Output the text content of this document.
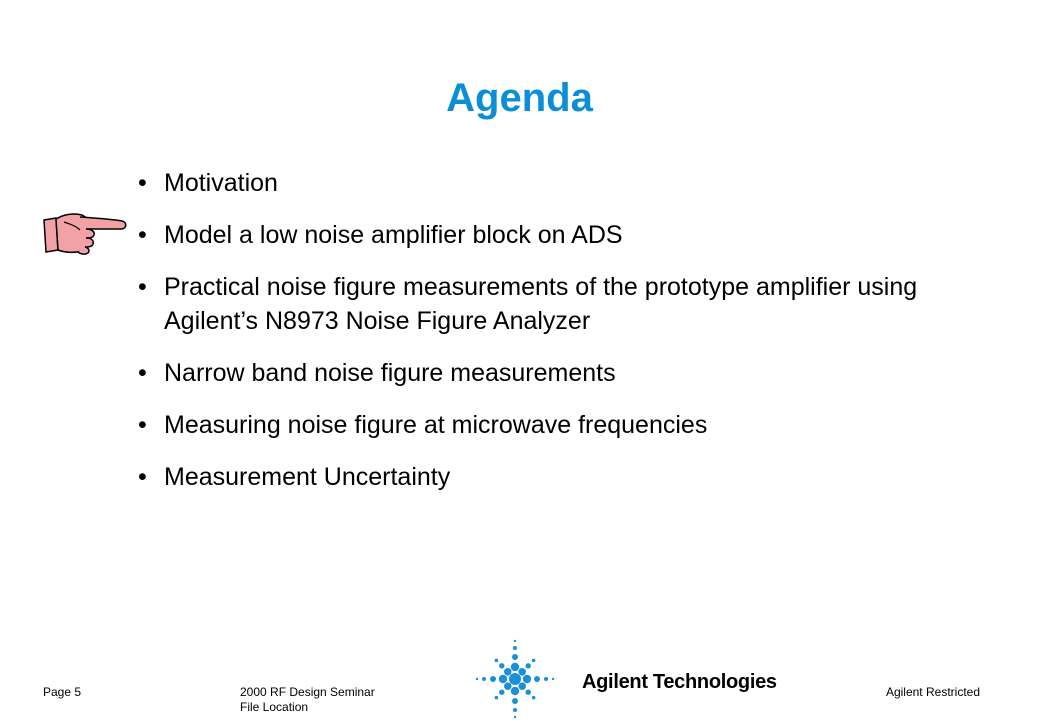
Agenda
• Motivation
• Model a low noise amplifier block on ADS
• Practical noise figure measurements of the prototype amplifier using Agilent’s N8973 Noise Figure Analyzer
• Narrow band noise figure measurements
• Measuring noise figure at microwave frequencies
• Measurement Uncertainty
Page 5	2000 RF Design Seminar
File Location
Agilent Restricted
Agilent Technologies
